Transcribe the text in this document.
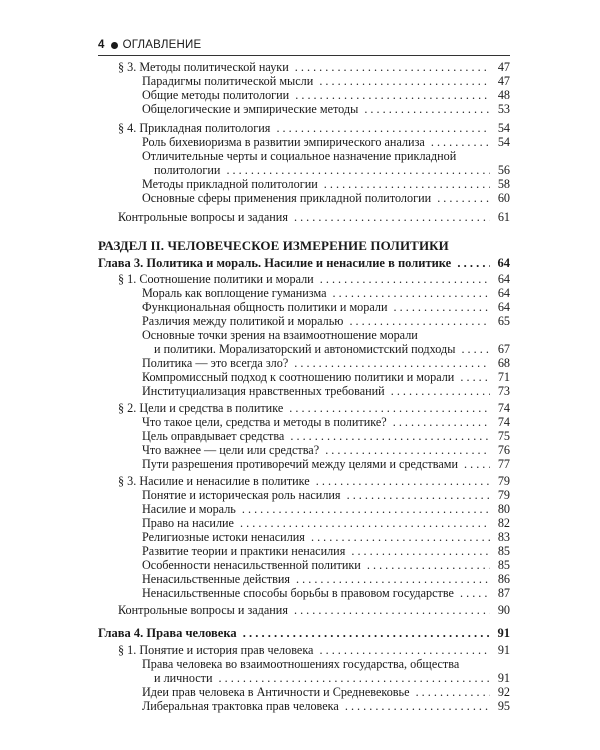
4 ОГЛАВЛЕНИЕ
§ 3. Методы политической науки . . .	47
Парадигмы политической мысли . . .	47
Общие методы политологии . . .	48
Общелогические и эмпирические методы . . .	53
§ 4. Прикладная политология . . .	54
Роль бихевиоризма в развитии эмпирического анализа . . .	54
Отличительные черты и социальное назначение прикладной
политологии . . .	56
Методы прикладной политологии . . .	58
Основные сферы применения прикладной политологии . . .	60
Контрольные вопросы и задания . . .	61
РАЗДЕЛ II. ЧЕЛОВЕЧЕСКОЕ ИЗМЕРЕНИЕ ПОЛИТИКИ
Глава 3. Политика и мораль. Насилие и ненасилие в политике . . .	64
§ 1. Соотношение политики и морали . . .	64
Мораль как воплощение гуманизма . . .	64
Функциональная общность политики и морали . . .	64
Различия между политикой и моралью . . .	65
Основные точки зрения на взаимоотношение морали
и политики. Морализаторский и автономистский подходы . . .	67
Политика — это всегда зло? . . .	68
Компромиссный подход к соотношению политики и морали . . .	71
Институциализация нравственных требований . . .	73
§ 2. Цели и средства в политике . . .	74
Что такое цели, средства и методы в политике? . . .	74
Цель оправдывает средства . . .	75
Что важнее — цели или средства? . . .	76
Пути разрешения противоречий между целями и средствами . . .	77
§ 3. Насилие и ненасилие в политике . . .	79
Понятие и историческая роль насилия . . .	79
Насилие и мораль . . .	80
Право на насилие . . .	82
Религиозные истоки ненасилия . . .	83
Развитие теории и практики ненасилия . . .	85
Особенности ненасильственной политики . . .	85
Ненасильственные действия . . .	86
Ненасильственные способы борьбы в правовом государстве . . .	87
Контрольные вопросы и задания . . .	90
Глава 4. Права человека . . .	91
§ 1. Понятие и история прав человека . . .	91
Права человека во взаимоотношениях государства, общества
и личности . . .	91
Идеи прав человека в Античности и Средневековье . . .	92
Либеральная трактовка прав человека . . .	95
